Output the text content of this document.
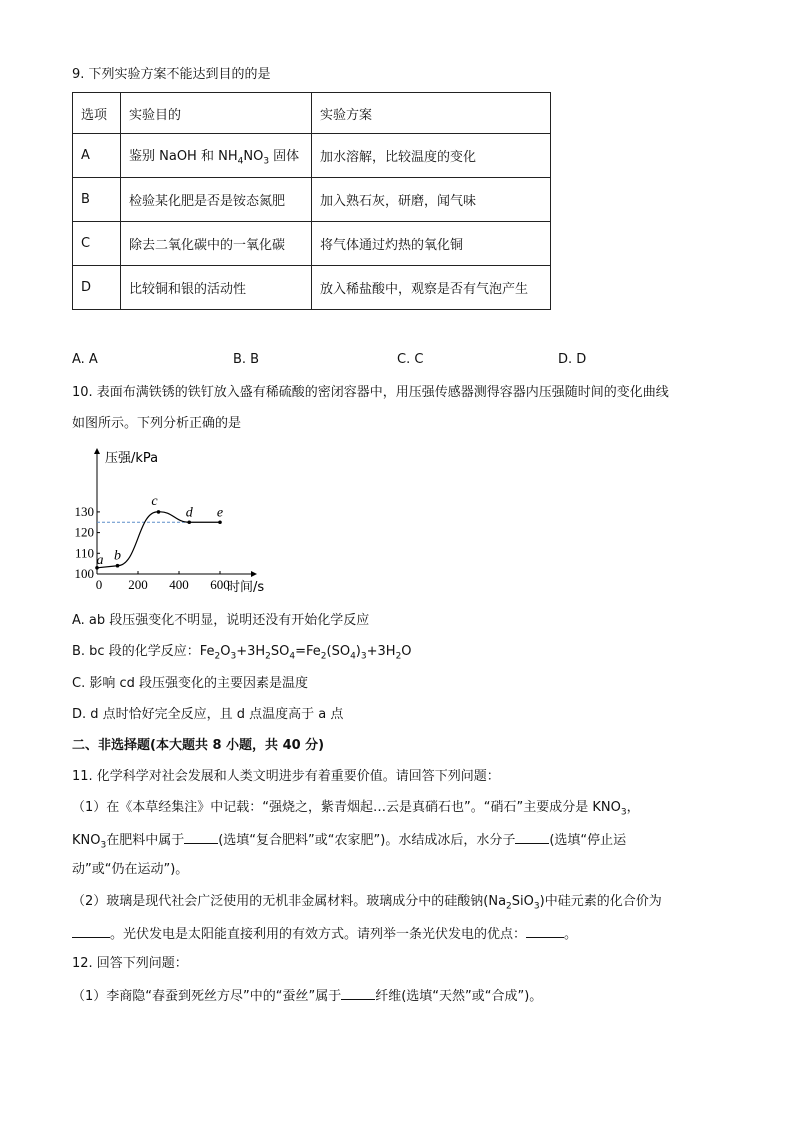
9. 下列实验方案不能达到目的的是
选项	实验目的	实验方案
A	鉴别 NaOH 和 $NH_4NO_3$ 固体	加水溶解，比较温度的变化
B	检验某化肥是否是铵态氮肥	加入熟石灰，研磨，闻气味
C	除去二氧化碳中的一氧化碳	将气体通过灼热的氧化铜
D	比较铜和银的活动性	放入稀盐酸中，观察是否有气泡产生
A. A	B. B	C. C	D. D
10. 表面布满铁锈的铁钉放入盛有稀硫酸的密闭容器中，用压强传感器测得容器内压强随时间的变化曲线
如图所示。下列分析正确的是
压强/kPa
时间/s
100
110
120
130
0 200 400 600
a b
c
d e
A. ab 段压强变化不明显，说明还没有开始化学反应
B. bc 段的化学反应：$Fe_2O_3+3H_2SO_4=Fe_2(SO_4)_3+3H_2O$
C. 影响 cd 段压强变化的主要因素是温度
D. d 点时恰好完全反应，且 d 点温度高于 a 点
二、非选择题(本大题共 8 小题，共 40 分)
11. 化学科学对社会发展和人类文明进步有着重要价值。请回答下列问题：
（1）在《本草经集注》中记载：“强烧之，紫青烟起…云是真硝石也”。“硝石”主要成分是 $KNO_3$，
$KNO_3$在肥料中属于	(选填“复合肥料”或“农家肥”)。水结成冰后，水分子	(选填“停止运
动”或“仍在运动”)。
（2）玻璃是现代社会广泛使用的无机非金属材料。玻璃成分中的硅酸钠$(Na_2SiO_3)$中硅元素的化合价为
。光伏发电是太阳能直接利用的有效方式。请列举一条光伏发电的优点：	。
12. 回答下列问题：
（1）李商隐“春蚕到死丝方尽”中的“蚕丝”属于	纤维(选填“天然”或“合成”)。
